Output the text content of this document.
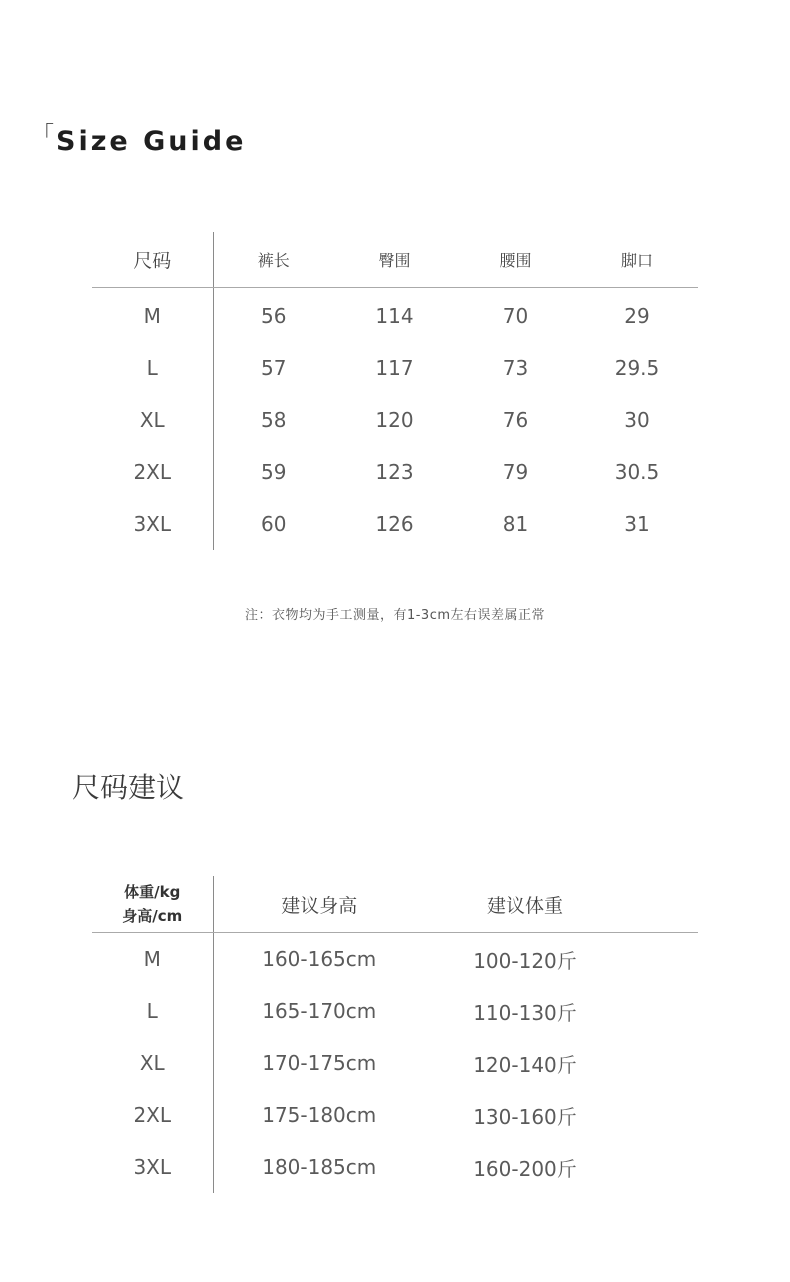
「Size Guide
尺码	裤长	臀围	腰围	脚口
M	56	114	70	29
L	57	117	73	29.5
XL	58	120	76	30
2XL	59	123	79	30.5
3XL	60	126	81	31
注：衣物均为手工测量，有1-3cm左右误差属正常
尺码建议
体重/kg
身高/cm	建议身高	建议体重	
M	160-165cm	100-120斤	
L	165-170cm	110-130斤	
XL	170-175cm	120-140斤	
2XL	175-180cm	130-160斤	
3XL	180-185cm	160-200斤	
